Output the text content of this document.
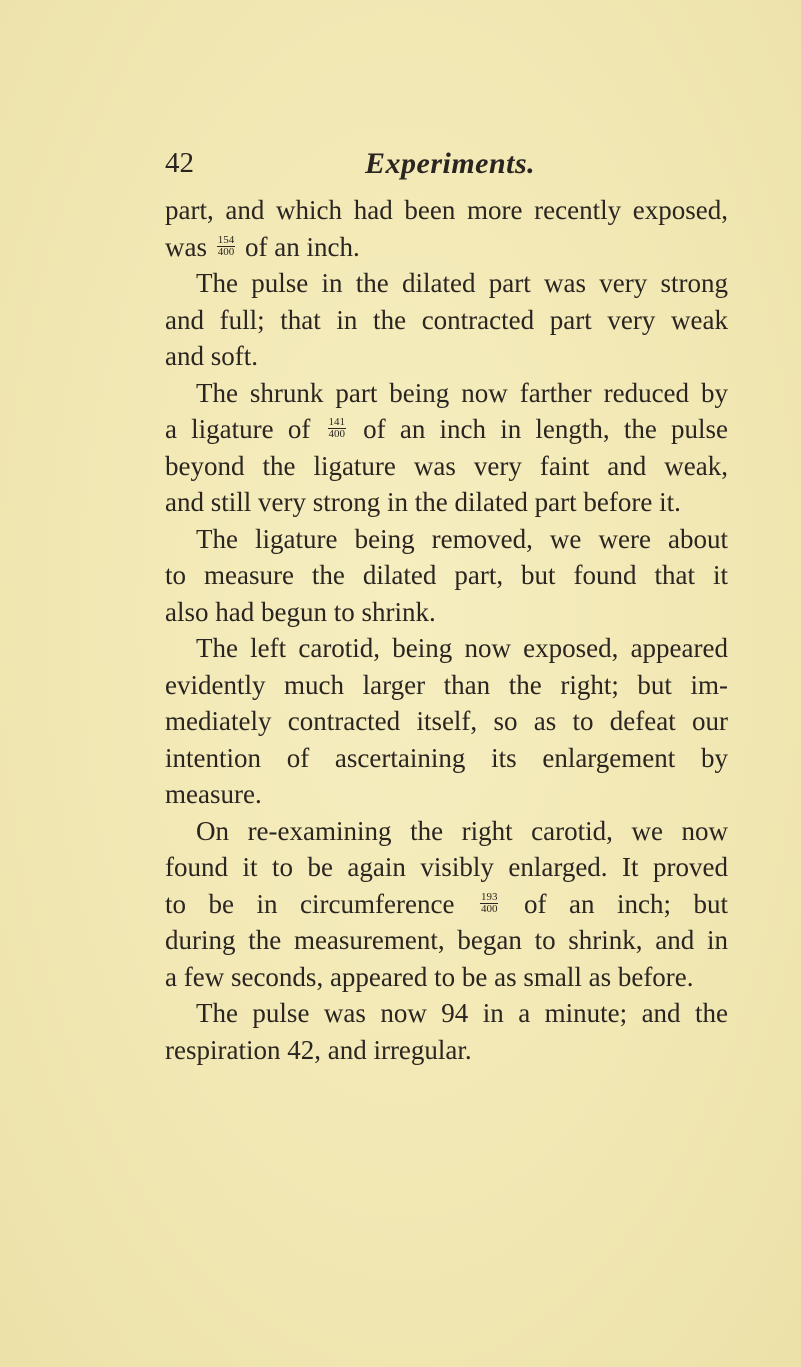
42	Experiments.
part, and which had been more recently exposed,
was $\frac{154}{400}$ of an inch.
The pulse in the dilated part was very strong
and full; that in the contracted part very weak
and soft.
The shrunk part being now farther reduced by
a ligature of $\frac{141}{400}$ of an inch in length, the pulse
beyond the ligature was very faint and weak,
and still very strong in the dilated part before it.
The ligature being removed, we were about
to measure the dilated part, but found that it
also had begun to shrink.
The left carotid, being now exposed, appeared
evidently much larger than the right; but im-
mediately contracted itself, so as to defeat our
intention of ascertaining its enlargement by
measure.
On re-examining the right carotid, we now
found it to be again visibly enlarged. It proved
to be in circumference $\frac{193}{400}$ of an inch; but
during the measurement, began to shrink, and in
a few seconds, appeared to be as small as before.
The pulse was now 94 in a minute; and the
respiration 42, and irregular.
